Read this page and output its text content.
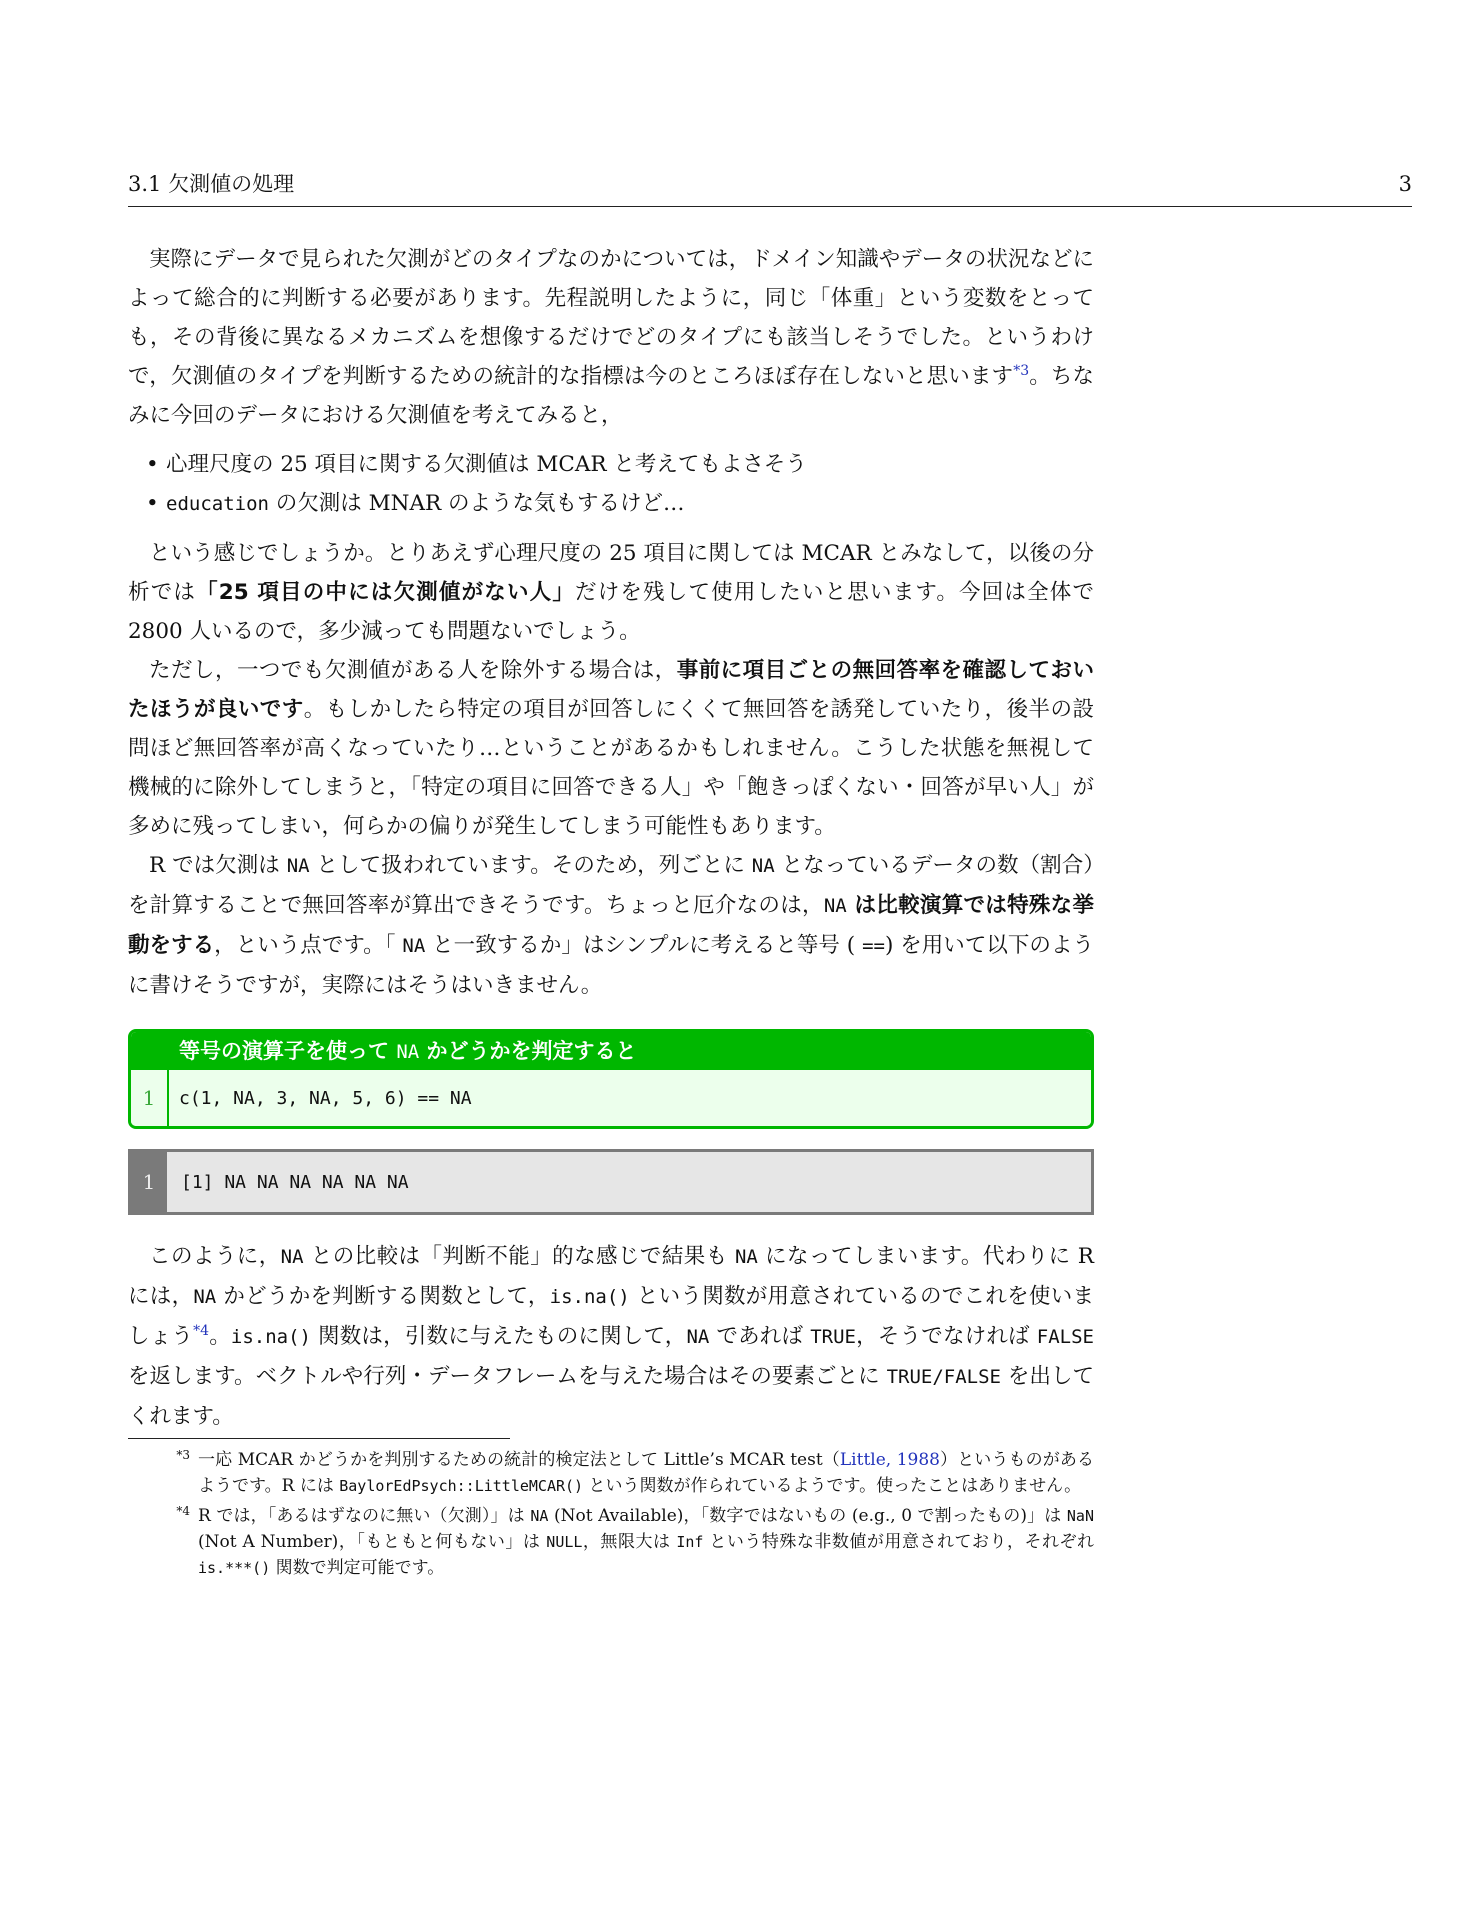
3.1 欠測値の処理	3

実際にデータで見られた欠測がどのタイプなのかについては，ドメイン知識やデータの状況などによって総合的に判断する必要があります。先程説明したように，同じ「体重」という変数をとっても，その背後に異なるメカニズムを想像するだけでどのタイプにも該当しそうでした。というわけで，欠測値のタイプを判断するための統計的な指標は今のところほぼ存在しないと思います$^{*3}$。ちなみに今回のデータにおける欠測値を考えてみると，

• 心理尺度の 25 項目に関する欠測値は MCAR と考えてもよさそう
• education の欠測は MNAR のような気もするけど…

という感じでしょうか。とりあえず心理尺度の 25 項目に関しては MCAR とみなして，以後の分析では「25 項目の中には欠測値がない人」だけを残して使用したいと思います。今回は全体で 2800 人いるので，多少減っても問題ないでしょう。

ただし，一つでも欠測値がある人を除外する場合は，事前に項目ごとの無回答率を確認しておいたほうが良いです。もしかしたら特定の項目が回答しにくくて無回答を誘発していたり，後半の設問ほど無回答率が高くなっていたり…ということがあるかもしれません。こうした状態を無視して機械的に除外してしまうと，「特定の項目に回答できる人」や「飽きっぽくない・回答が早い人」が多めに残ってしまい，何らかの偏りが発生してしまう可能性もあります。

R では欠測は NA として扱われています。そのため，列ごとに NA となっているデータの数（割合）を計算することで無回答率が算出できそうです。ちょっと厄介なのは，NA は比較演算では特殊な挙動をする，という点です。「 NA と一致するか」はシンプルに考えると等号 ( ==) を用いて以下のように書けそうですが，実際にはそうはいきません。

等号の演算子を使って NA かどうかを判定すると
1	c(1, NA, 3, NA, 5, 6) == NA
1	[1] NA NA NA NA NA NA

このように，NA との比較は「判断不能」的な感じで結果も NA になってしまいます。代わりに R には，NA かどうかを判断する関数として，is.na() という関数が用意されているのでこれを使いましょう$^{*4}$。is.na() 関数は，引数に与えたものに関して，NA であれば TRUE，そうでなければ FALSE を返します。ベクトルや行列・データフレームを与えた場合はその要素ごとに TRUE/FALSE を出してくれます。

$^{*3}$ 一応 MCAR かどうかを判別するための統計的検定法として Little’s MCAR test（Little, 1988）というものがあるようです。R には BaylorEdPsych::LittleMCAR() という関数が作られているようです。使ったことはありません。
$^{*4}$ R では，「あるはずなのに無い（欠測）」は NA (Not Available)，「数字ではないもの (e.g., 0 で割ったもの)」は NaN (Not A Number)，「もともと何もない」は NULL，無限大は Inf という特殊な非数値が用意されており，それぞれ is.***() 関数で判定可能です。
